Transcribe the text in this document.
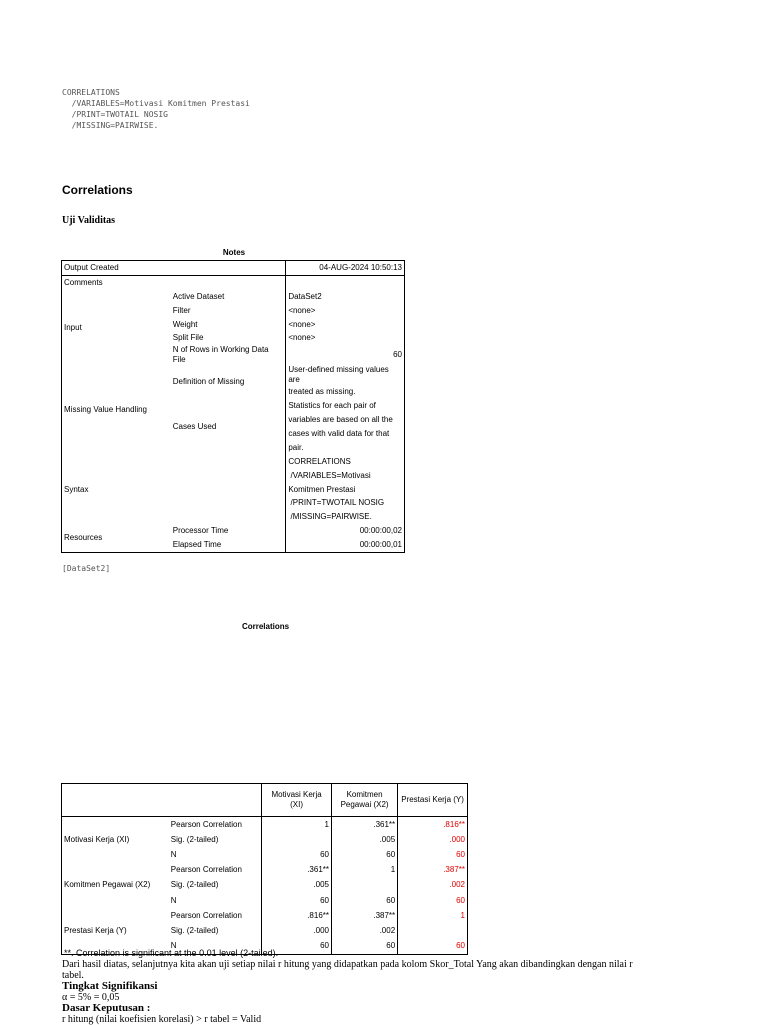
CORRELATIONS
/VARIABLES=Motivasi Komitmen Prestasi
/PRINT=TWOTAIL NOSIG
/MISSING=PAIRWISE.
Correlations
Uji Validitas
Notes
Output Created		04-AUG-2024 10:50:13
Comments		
Input	Active Dataset	DataSet2
	Filter	<none>
	Weight	<none>
	Split File	<none>
	N of Rows in Working Data File	60
Missing Value Handling	Definition of Missing	User-defined missing values are
		treated as missing.
	Cases Used	Statistics for each pair of
		variables are based on all the
		cases with valid data for that
		pair.
Syntax		CORRELATIONS
		/VARIABLES=Motivasi
		Komitmen Prestasi
		/PRINT=TWOTAIL NOSIG
		/MISSING=PAIRWISE.
Resources	Processor Time	00:00:00,02
	Elapsed Time	00:00:00,01
[DataSet2]
Correlations
		Motivasi Kerja (XI)	Komitmen Pegawai (X2)	Prestasi Kerja (Y)
Motivasi Kerja (XI)	Pearson Correlation	1	.361**	.816**
	Sig. (2-tailed)		.005	.000
	N	60	60	60
Komitmen Pegawai (X2)	Pearson Correlation	.361**	1	.387**
	Sig. (2-tailed)	.005		.002
	N	60	60	60
Prestasi Kerja (Y)	Pearson Correlation	.816**	.387**	1
	Sig. (2-tailed)	.000	.002	
	N	60	60	60
**. Correlation is significant at the 0.01 level (2-tailed).
Dari hasil diatas, selanjutnya kita akan uji setiap nilai r hitung yang didapatkan pada kolom Skor_Total Yang akan dibandingkan dengan nilai r
tabel.
Tingkat Signifikansi
α = 5% = 0,05
Dasar Keputusan :
r hitung (nilai koefisien korelasi) > r tabel = Valid
